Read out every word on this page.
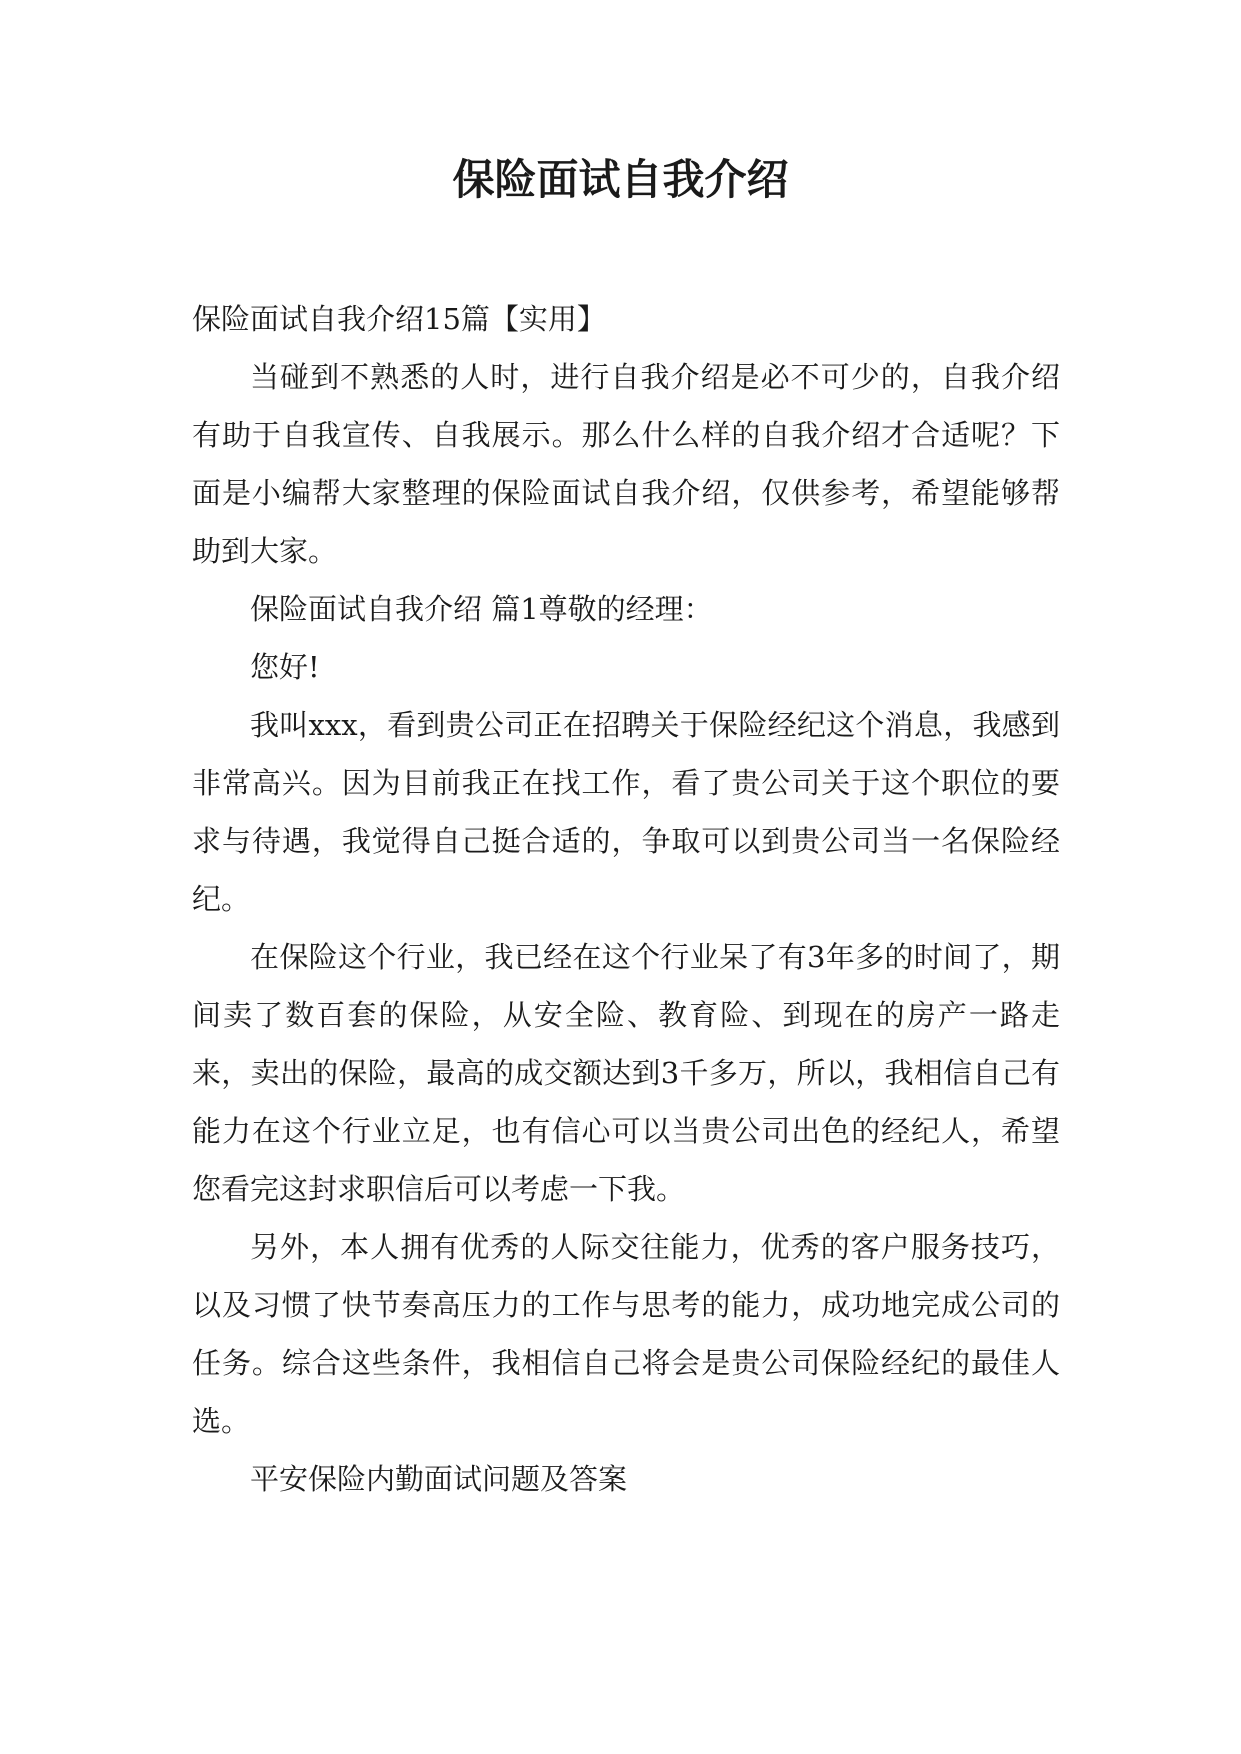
保险面试自我介绍

保险面试自我介绍15篇【实用】

当碰到不熟悉的人时，进行自我介绍是必不可少的，自我介绍有助于自我宣传、自我展示。那么什么样的自我介绍才合适呢？下面是小编帮大家整理的保险面试自我介绍，仅供参考，希望能够帮助到大家。

保险面试自我介绍 篇1尊敬的经理：

您好!

我叫xxx，看到贵公司正在招聘关于保险经纪这个消息，我感到非常高兴。因为目前我正在找工作，看了贵公司关于这个职位的要求与待遇，我觉得自己挺合适的，争取可以到贵公司当一名保险经纪。

在保险这个行业，我已经在这个行业呆了有3年多的时间了，期间卖了数百套的保险，从安全险、教育险、到现在的房产一路走来，卖出的保险，最高的成交额达到3千多万，所以，我相信自己有能力在这个行业立足，也有信心可以当贵公司出色的经纪人，希望您看完这封求职信后可以考虑一下我。

另外，本人拥有优秀的人际交往能力，优秀的客户服务技巧，以及习惯了快节奏高压力的工作与思考的能力，成功地完成公司的任务。综合这些条件，我相信自己将会是贵公司保险经纪的最佳人选。

平安保险内勤面试问题及答案
